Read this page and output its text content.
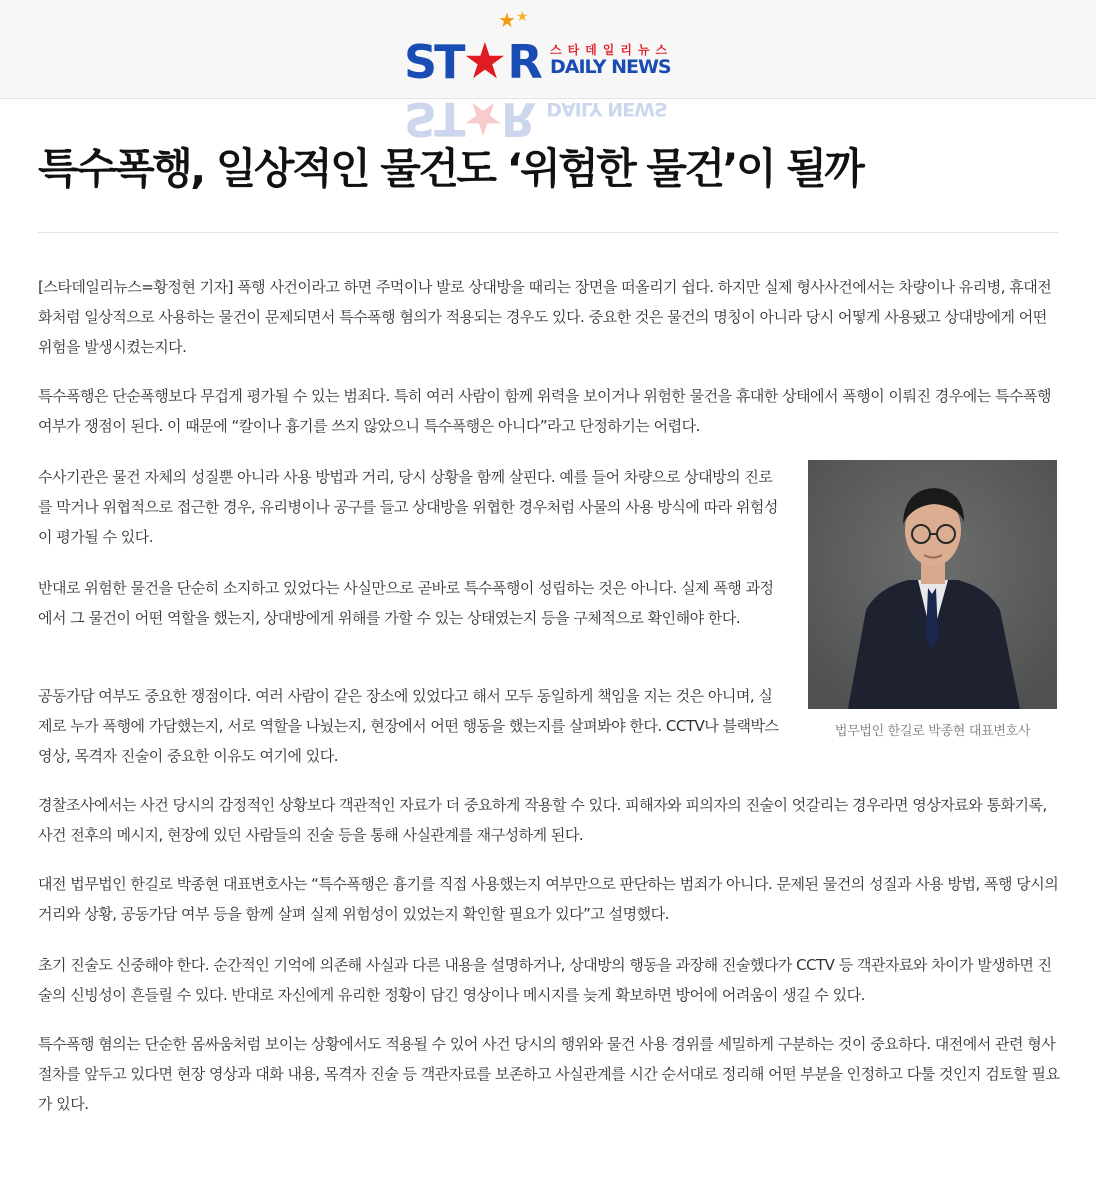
★★
ST★R 스타데일리뉴스
DAILY NEWS
ST★R DAILY NEWS
특수폭행, 일상적인 물건도 ‘위험한 물건’이 될까

[스타데일리뉴스=황정현 기자] 폭행 사건이라고 하면 주먹이나 발로 상대방을 때리는 장면을 떠올리기 쉽다. 하지만 실제 형사사건에서는 차량이나 유리병, 휴대전화처럼 일상적으로 사용하는 물건이 문제되면서 특수폭행 혐의가 적용되는 경우도 있다. 중요한 것은 물건의 명칭이 아니라 당시 어떻게 사용됐고 상대방에게 어떤 위험을 발생시켰는지다.

특수폭행은 단순폭행보다 무겁게 평가될 수 있는 범죄다. 특히 여러 사람이 함께 위력을 보이거나 위험한 물건을 휴대한 상태에서 폭행이 이뤄진 경우에는 특수폭행 여부가 쟁점이 된다. 이 때문에 “칼이나 흉기를 쓰지 않았으니 특수폭행은 아니다”라고 단정하기는 어렵다.

수사기관은 물건 자체의 성질뿐 아니라 사용 방법과 거리, 당시 상황을 함께 살핀다. 예를 들어 차량으로 상대방의 진로를 막거나 위협적으로 접근한 경우, 유리병이나 공구를 들고 상대방을 위협한 경우처럼 사물의 사용 방식에 따라 위험성이 평가될 수 있다.

반대로 위험한 물건을 단순히 소지하고 있었다는 사실만으로 곧바로 특수폭행이 성립하는 것은 아니다. 실제 폭행 과정에서 그 물건이 어떤 역할을 했는지, 상대방에게 위해를 가할 수 있는 상태였는지 등을 구체적으로 확인해야 한다.

공동가담 여부도 중요한 쟁점이다. 여러 사람이 같은 장소에 있었다고 해서 모두 동일하게 책임을 지는 것은 아니며, 실제로 누가 폭행에 가담했는지, 서로 역할을 나눴는지, 현장에서 어떤 행동을 했는지를 살펴봐야 한다. CCTV나 블랙박스 영상, 목격자 진술이 중요한 이유도 여기에 있다.

경찰조사에서는 사건 당시의 감정적인 상황보다 객관적인 자료가 더 중요하게 작용할 수 있다. 피해자와 피의자의 진술이 엇갈리는 경우라면 영상자료와 통화기록, 사건 전후의 메시지, 현장에 있던 사람들의 진술 등을 통해 사실관계를 재구성하게 된다.

대전 법무법인 한길로 박종현 대표변호사는 “특수폭행은 흉기를 직접 사용했는지 여부만으로 판단하는 범죄가 아니다. 문제된 물건의 성질과 사용 방법, 폭행 당시의 거리와 상황, 공동가담 여부 등을 함께 살펴 실제 위험성이 있었는지 확인할 필요가 있다”고 설명했다.

초기 진술도 신중해야 한다. 순간적인 기억에 의존해 사실과 다른 내용을 설명하거나, 상대방의 행동을 과장해 진술했다가 CCTV 등 객관자료와 차이가 발생하면 진술의 신빙성이 흔들릴 수 있다. 반대로 자신에게 유리한 정황이 담긴 영상이나 메시지를 늦게 확보하면 방어에 어려움이 생길 수 있다.

특수폭행 혐의는 단순한 몸싸움처럼 보이는 상황에서도 적용될 수 있어 사건 당시의 행위와 물건 사용 경위를 세밀하게 구분하는 것이 중요하다. 대전에서 관련 형사절차를 앞두고 있다면 현장 영상과 대화 내용, 목격자 진술 등 객관자료를 보존하고 사실관계를 시간 순서대로 정리해 어떤 부분을 인정하고 다툴 것인지 검토할 필요가 있다.

법무법인 한길로 박종현 대표변호사
